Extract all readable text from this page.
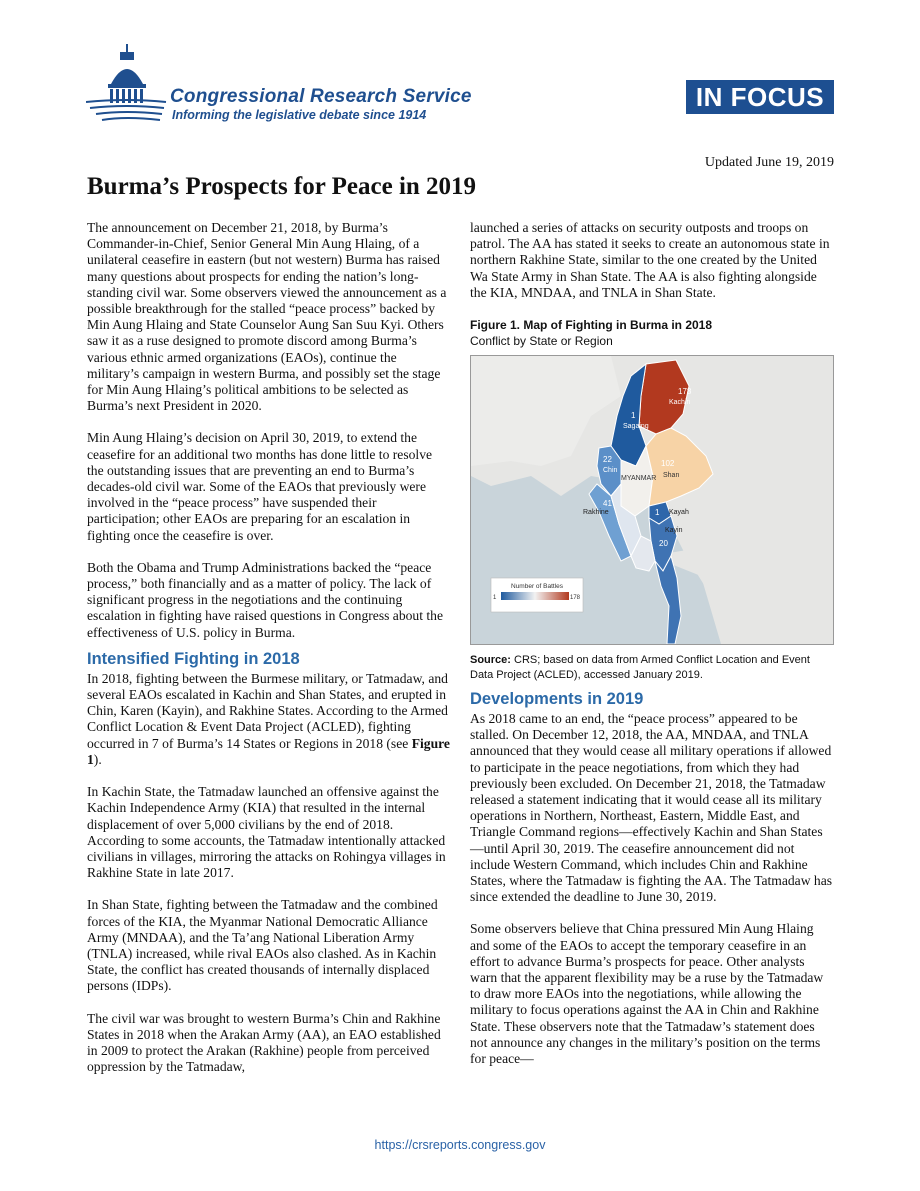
Congressional Research Service
Informing the legislative debate since 1914
IN FOCUS
Updated June 19, 2019
Burma’s Prospects for Peace in 2019

The announcement on December 21, 2018, by Burma’s Commander-in-Chief, Senior General Min Aung Hlaing, of a unilateral ceasefire in eastern (but not western) Burma has raised many questions about prospects for ending the nation’s long-standing civil war. Some observers viewed the announcement as a possible breakthrough for the stalled “peace process” backed by Min Aung Hlaing and State Counselor Aung San Suu Kyi. Others saw it as a ruse designed to promote discord among Burma’s various ethnic armed organizations (EAOs), continue the military’s campaign in western Burma, and possibly set the stage for Min Aung Hlaing’s political ambitions to be selected as Burma’s next President in 2020.

Min Aung Hlaing’s decision on April 30, 2019, to extend the ceasefire for an additional two months has done little to resolve the outstanding issues that are preventing an end to Burma’s decades-old civil war. Some of the EAOs that previously were involved in the “peace process” have suspended their participation; other EAOs are preparing for an escalation in fighting once the ceasefire is over.

Both the Obama and Trump Administrations backed the “peace process,” both financially and as a matter of policy. The lack of significant progress in the negotiations and the continuing escalation in fighting have raised questions in Congress about the effectiveness of U.S. policy in Burma.

Intensified Fighting in 2018

In 2018, fighting between the Burmese military, or Tatmadaw, and several EAOs escalated in Kachin and Shan States, and erupted in Chin, Karen (Kayin), and Rakhine States. According to the Armed Conflict Location & Event Data Project (ACLED), fighting occurred in 7 of Burma’s 14 States or Regions in 2018 (see Figure 1).

In Kachin State, the Tatmadaw launched an offensive against the Kachin Independence Army (KIA) that resulted in the internal displacement of over 5,000 civilians by the end of 2018. According to some accounts, the Tatmadaw intentionally attacked civilians in villages, mirroring the attacks on Rohingya villages in Rakhine State in late 2017.

In Shan State, fighting between the Tatmadaw and the combined forces of the KIA, the Myanmar National Democratic Alliance Army (MNDAA), and the Ta’ang National Liberation Army (TNLA) increased, while rival EAOs also clashed. As in Kachin State, the conflict has created thousands of internally displaced persons (IDPs).

The civil war was brought to western Burma’s Chin and Rakhine States in 2018 when the Arakan Army (AA), an EAO established in 2009 to protect the Arakan (Rakhine) people from perceived oppression by the Tatmadaw,

launched a series of attacks on security outposts and troops on patrol. The AA has stated it seeks to create an autonomous state in northern Rakhine State, similar to the one created by the United Wa State Army in Shan State. The AA is also fighting alongside the KIA, MNDAA, and TNLA in Shan State.

Figure 1. Map of Fighting in Burma in 2018
Conflict by State or Region
178
Kachin
1
Sagaing
22
Chin
MYANMAR
102
Shan
41
Rakhine	1 Kayah
Kayin
20
Number of Battles
1	178
Source: CRS; based on data from Armed Conflict Location and Event Data Project (ACLED), accessed January 2019.
Developments in 2019

As 2018 came to an end, the “peace process” appeared to be stalled. On December 12, 2018, the AA, MNDAA, and TNLA announced that they would cease all military operations if allowed to participate in the peace negotiations, from which they had previously been excluded. On December 21, 2018, the Tatmadaw released a statement indicating that it would cease all its military operations in Northern, Northeast, Eastern, Middle East, and Triangle Command regions—effectively Kachin and Shan States—until April 30, 2019. The ceasefire announcement did not include Western Command, which includes Chin and Rakhine States, where the Tatmadaw is fighting the AA. The Tatmadaw has since extended the deadline to June 30, 2019.

Some observers believe that China pressured Min Aung Hlaing and some of the EAOs to accept the temporary ceasefire in an effort to advance Burma’s prospects for peace. Other analysts warn that the apparent flexibility may be a ruse by the Tatmadaw to draw more EAOs into the negotiations, while allowing the military to focus operations against the AA in Chin and Rakhine State. These observers note that the Tatmadaw’s statement does not announce any changes in the military’s position on the terms for peace—

https://crsreports.congress.gov
